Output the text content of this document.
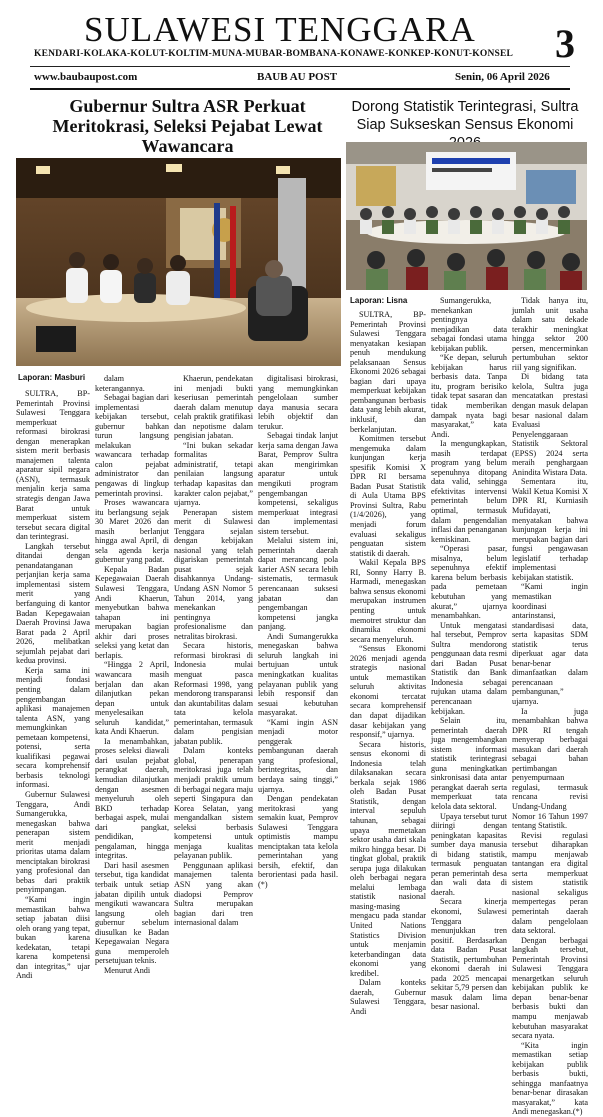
SULAWESI TENGGARA 3
KENDARI-KOLAKA-KOLUT-KOLTIM-MUNA-MUBAR-BOMBANA-KONAWE-KONKEP-KONUT-KONSEL
www.baubaupost.com	BAUB AU POST	Senin, 06 April 2026
Gubernur Sultra ASR Perkuat Meritokrasi, Seleksi Pejabat Lewat Wawancara
Laporan: Masburi

SULTRA, BP- Pemerintah Provinsi Sulawesi Tenggara memperkuat reformasi birokrasi dengan menerapkan sistem merit berbasis manajemen talenta aparatur sipil negara (ASN), termasuk menjalin kerja sama strategis dengan Jawa Barat untuk memperkuat sistem tersebut secara digital dan terintegrasi.

Langkah tersebut ditandai dengan penandatanganan perjanjian kerja sama implementasi sistem merit yang berfanguing di kantor Badan Kepegawaian Daerah Provinsi Jawa Barat pada 2 April 2026, melibatkan sejumlah pejabat dari kedua provinsi.

Kerja sama ini menjadi fondasi penting dalam pengembangan aplikasi manajemen talenta ASN, yang memungkinkan pemetaan kompetensi, potensi, serta kualifikasi pegawai secara komprehensif berbasis teknologi informasi.

Gubernur Sulawesi Tenggara, Andi Sumangerukka, menegaskan bahwa penerapan sistem merit menjadi prioritas utama dalam menciptakan birokrasi yang profesional dan bebas dari praktik penyimpangan.

“Kami ingin memastikan bahwa setiap jabatan diisi oleh orang yang tepat, bukan karena kedekatan, tetapi karena kompetensi dan integritas,” ujar Andi

dalam keterangannya.

Sebagai bagian dari implementasi kebijakan tersebut, gubernur bahkan turun langsung melakukan wawancara terhadap calon pejabat administrator dan pengawas di lingkup pemerintah provinsi.

Proses wawancara itu berlangsung sejak 30 Maret 2026 dan masih berlanjut hingga awal April, di sela agenda kerja gubernur yang padat.

Kepala Badan Kepegawaian Daerah Sulawesi Tenggara, Andi Khaerun, menyebutkan bahwa tahapan ini merupakan bagian akhir dari proses seleksi yang ketat dan berlapis.

“Hingga 2 April, wawancara masih berjalan dan akan dilanjutkan pekan depan untuk menyelesaikan seluruh kandidat,” kata Andi Khaerun.

Ia menambahkan, proses seleksi diawali dari usulan pejabat perangkat daerah, kemudian dilanjutkan dengan asesmen menyeluruh oleh BKD terhadap berbagai aspek, mulai dari pangkat, pendidikan, pengalaman, hingga integritas.

Dari hasil asesmen tersebut, tiga kandidat terbaik untuk setiap jabatan dipilih untuk mengikuti wawancara langsung oleh gubernur sebelum diusulkan ke Badan Kepegawaian Negara guna memperoleh persetujuan teknis.

Menurut Andi

Khaerun, pendekatan ini menjadi bukti keseriusan pemerintah daerah dalam menutup celah praktik gratifikasi dan nepotisme dalam pengisian jabatan.

“Ini bukan sekadar formalitas administratif, tetapi penilaian langsung terhadap kapasitas dan karakter calon pejabat,” ujarnya.

Penerapan sistem merit di Sulawesi Tenggara sejalan dengan kebijakan nasional yang telah digariskan pemerintah pusat sejak disahkannya Undang-Undang ASN Nomor 5 Tahun 2014, yang menekankan pentingnya profesionalisme dan netralitas birokrasi.

Secara historis, reformasi birokrasi di Indonesia mulai menguat pasca Reformasi 1998, yang mendorong transparansi dan akuntabilitas dalam tata kelola pemerintahan, termasuk dalam pengisian jabatan publik.

Dalam konteks global, penerapan meritokrasi juga telah menjadi praktik umum di berbagai negara maju seperti Singapura dan Korea Selatan, yang mengandalkan sistem seleksi berbasis kompetensi untuk menjaga kualitas pelayanan publik.

Penggunaan aplikasi manajemen talenta ASN yang akan diadopsi Pemprov Sultra merupakan bagian dari tren internasional dalam

digitalisasi birokrasi, yang memungkinkan pengelolaan sumber daya manusia secara lebih objektif dan terukur.

Sebagai tindak lanjut kerja sama dengan Jawa Barat, Pemprov Sultra akan mengirimkan aparatur untuk mengikuti program pengembangan kompetensi, sekaligus memperkuat integrasi dan implementasi sistem tersebut.

Melalui sistem ini, pemerintah daerah dapat merancang pola karier ASN secara lebih sistematis, termasuk perencanaan suksesi jabatan dan pengembangan kompetensi jangka panjang.

Andi Sumangerukka menegaskan bahwa seluruh langkah ini bertujuan untuk meningkatkan kualitas pelayanan publik yang lebih responsif dan sesuai kebutuhan masyarakat.

“Kami ingin ASN menjadi motor penggerak pembangunan daerah yang profesional, berintegritas, dan berdaya saing tinggi,” ujarnya.

Dengan pendekatan meritokrasi yang semakin kuat, Pemprov Sulawesi Tenggara optimistis mampu menciptakan tata kelola pemerintahan yang bersih, efektif, dan berorientasi pada hasil. (*)

Dorong Statistik Terintegrasi, Sultra Siap Sukseskan Sensus Ekonomi
Laporan: Lisna

SULTRA, BP- Pemerintah Provinsi Sulawesi Tenggara menyatakan kesiapan penuh mendukung pelaksanaan Sensus Ekonomi 2026 sebagai bagian dari upaya memperkuat kebijakan pembangunan berbasis data yang lebih akurat, inklusif, dan berkelanjutan.

Komitmen tersebut mengemuka dalam kunjungan kerja spesifik Komisi X DPR RI bersama Badan Pusat Statistik di Aula Utama BPS Provinsi Sultra, Rabu (1/4/2026), yang menjadi forum evaluasi sekaligus penguatan sistem statistik di daerah.

Wakil Kepala BPS RI, Sonny Harry B. Harmadi, menegaskan bahwa sensus ekonomi merupakan instrumen penting untuk memotret struktur dan dinamika ekonomi secara menyeluruh.

“Sensus Ekonomi 2026 menjadi agenda strategis nasional untuk memastikan seluruh aktivitas ekonomi tercatat secara komprehensif dan dapat dijadikan dasar kebijakan yang responsif,” ujarnya.

Secara historis, sensus ekonomi di Indonesia telah dilaksanakan secara berkala sejak 1986 oleh Badan Pusat Statistik, dengan interval sepuluh tahunan, sebagai upaya memetakan sektor usaha dari skala mikro hingga besar. Di tingkat global, praktik serupa juga dilakukan oleh berbagai negara melalui lembaga statistik nasional masing-masing mengacu pada standar United Nations Statistics Division untuk menjamin keterbandingan data ekonomi yang kredibel.

Dalam konteks daerah, Gubernur Sulawesi Tenggara, Andi

Sumangerukka, menekankan pentingnya menjadikan data sebagai fondasi utama kebijakan publik.

“Ke depan, seluruh kebijakan harus berbasis data. Tanpa itu, program berisiko tidak tepat sasaran dan tidak memberikan dampak nyata bagi masyarakat,” kata Andi.

Ia mengungkapkan, masih terdapat program yang belum sepenuhnya ditopang data valid, sehingga efektivitas intervensi pemerintah belum optimal, termasuk dalam pengendalian inflasi dan penanganan kemiskinan.

“Operasi pasar, misalnya, belum sepenuhnya efektif karena belum berbasis pada pemetaan kebutuhan yang akurat,” ujarnya menambahkan.

Untuk mengatasi hal tersebut, Pemprov Sultra mendorong penggunaan data resmi dari Badan Pusat Statistik dan Bank Indonesia sebagai rujukan utama dalam perencanaan kebijakan.

Selain itu, pemerintah daerah juga mengembangkan sistem informasi statistik terintegrasi guna meningkatkan sinkronisasi data antar perangkat daerah serta memperkuat tata kelola data sektoral.

Upaya tersebut turut diiringi dengan peningkatan kapasitas sumber daya manusia di bidang statistik, termasuk penguatan peran pemerintah desa dan wali data di daerah.

Secara kinerja ekonomi, Sulawesi Tenggara menunjukkan tren positif. Berdasarkan data Badan Pusat Statistik, pertumbuhan ekonomi daerah ini pada 2025 mencapai sekitar 5,79 persen dan masuk dalam lima besar nasional.

Tidak hanya itu, jumlah unit usaha dalam satu dekade terakhir meningkat hingga sektor 200 persen, mencerminkan pertumbuhan sektor riil yang signifikan.

Di bidang tata kelola, Sultra juga mencatatkan prestasi dengan masuk delapan besar nasional dalam Evaluasi Penyelenggaraan Statistik Sektoral (EPSS) 2024 serta meraih penghargaan Anindita Wistara Data.

Sementara itu, Wakil Ketua Komisi X DPR RI, Kurniasih Mufidayati, menyatakan bahwa kunjungan kerja ini merupakan bagian dari fungsi pengawasan legislatif terhadap implementasi kebijakan statistik.

“Kami ingin memastikan koordinasi antarinstansi, standardisasi data, serta kapasitas SDM statistik terus diperkuat agar data benar-benar dimanfaatkan dalam perencanaan pembangunan,” ujarnya.

Ia juga menambahkan bahwa DPR RI tengah menyerap berbagai masukan dari daerah sebagai bahan pertimbangan penyempurnaan regulasi, termasuk rencana revisi Undang-Undang Nomor 16 Tahun 1997 tentang Statistik.

Revisi regulasi tersebut diharapkan mampu menjawab tantangan era digital serta memperkuat sistem statistik nasional sekaligus mempertegas peran pemerintah daerah dalam pengelolaan data sektoral.

Dengan berbagai langkah tersebut, Pemerintah Provinsi Sulawesi Tenggara menargetkan seluruh kebijakan publik ke depan benar-benar berbasis bukti dan mampu menjawab kebutuhan masyarakat secara nyata.

“Kita ingin memastikan setiap kebijakan publik berbasis bukti, sehingga manfaatnya benar-benar dirasakan masyarakat,” kata Andi menegaskan.(*)
